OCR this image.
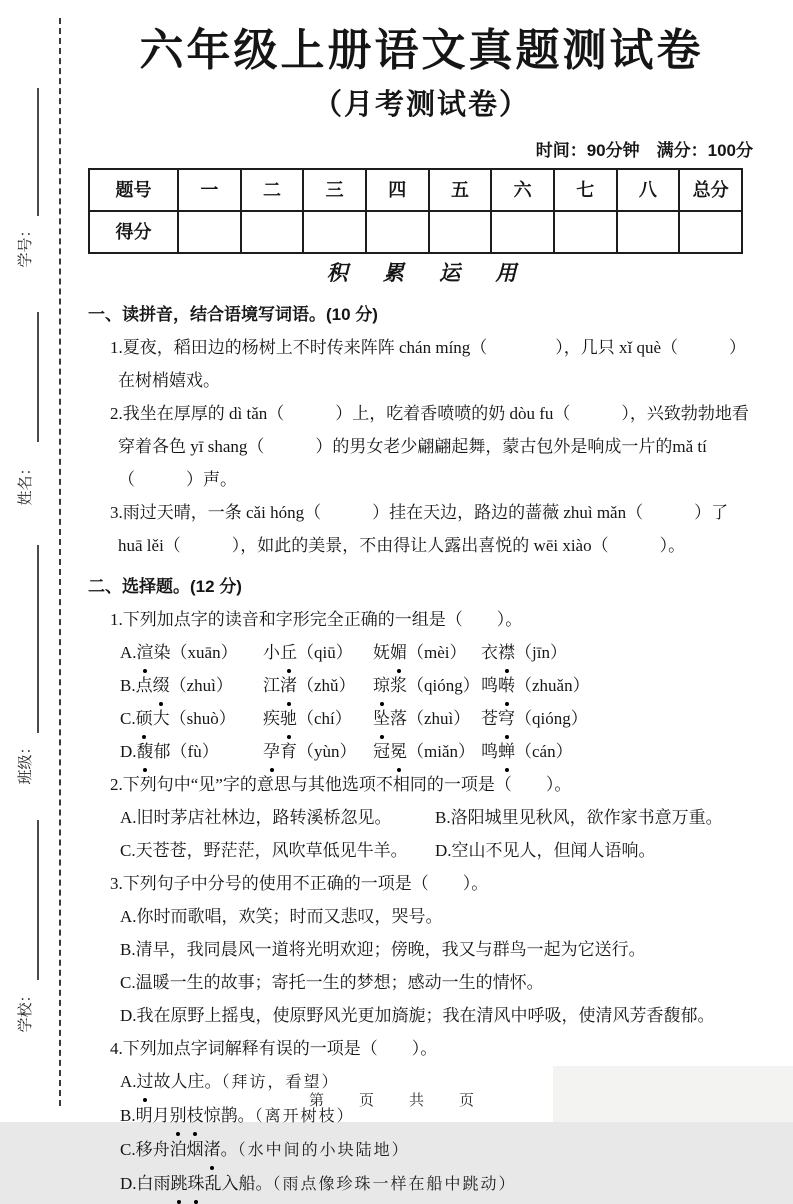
学号：
姓名：
班级：
学校：
六年级上册语文真题测试卷
（月考测试卷）
时间：90分钟　满分：100分
题号	一	二	三	四	五	六	七	八	总分
得分									
积 累 运 用
一、读拼音，结合语境写词语。(10 分)
1.夏夜，稻田边的杨树上不时传来阵阵 chán míng（　　　　），几只 xǐ què（　　　）在树梢嬉戏。
2.我坐在厚厚的 dì tǎn（　　　）上，吃着香喷喷的奶 dòu fu（　　　），兴致勃勃地看穿着各色 yī shang（　　　）的男女老少翩翩起舞，蒙古包外是响成一片的mǎ tí（　　　）声。
3.雨过天晴，一条 cǎi hóng（　　　）挂在天边，路边的蔷薇 zhuì mǎn（　　　）了 huā lěi（　　　），如此的美景，不由得让人露出喜悦的 wēi xiào（　　　）。
二、选择题。(12 分)
1.下列加点字的读音和字形完全正确的一组是（　　）。
A.渲染（xuān）	小丘（qiū）	妩媚（mèi） 衣襟（jīn）
B.点缀（zhuì）	江渚（zhǔ）	琼浆（qióng） 鸣啭（zhuǎn）
C.硕大（shuò）	疾驰（chí）	坠落（zhuì） 苍穹（qióng）
D.馥郁（fù）	孕育（yùn） 冠冕（miǎn） 鸣蝉（cán）
2.下列句中“见”字的意思与其他选项不相同的一项是（　　）。
A.旧时茅店社林边，路转溪桥忽见。	B.洛阳城里见秋风，欲作家书意万重。
C.天苍苍，野茫茫，风吹草低见牛羊。	D.空山不见人，但闻人语响。
3.下列句子中分号的使用不正确的一项是（　　）。
A.你时而歌唱，欢笑；时而又悲叹，哭号。
B.清早，我同晨风一道将光明欢迎；傍晚，我又与群鸟一起为它送行。
C.温暖一生的故事；寄托一生的梦想；感动一生的情怀。
D.我在原野上摇曳，使原野风光更加旖旎；我在清风中呼吸，使清风芳香馥郁。
4.下列加点字词解释有误的一项是（　　）。
A.过故人庄。（拜访，看望）
B.明月别枝惊鹊。（离开树枝）
C.移舟泊烟渚。（水中间的小块陆地）
D.白雨跳珠乱入船。（雨点像珍珠一样在船中跳动）
第　页　共　页
